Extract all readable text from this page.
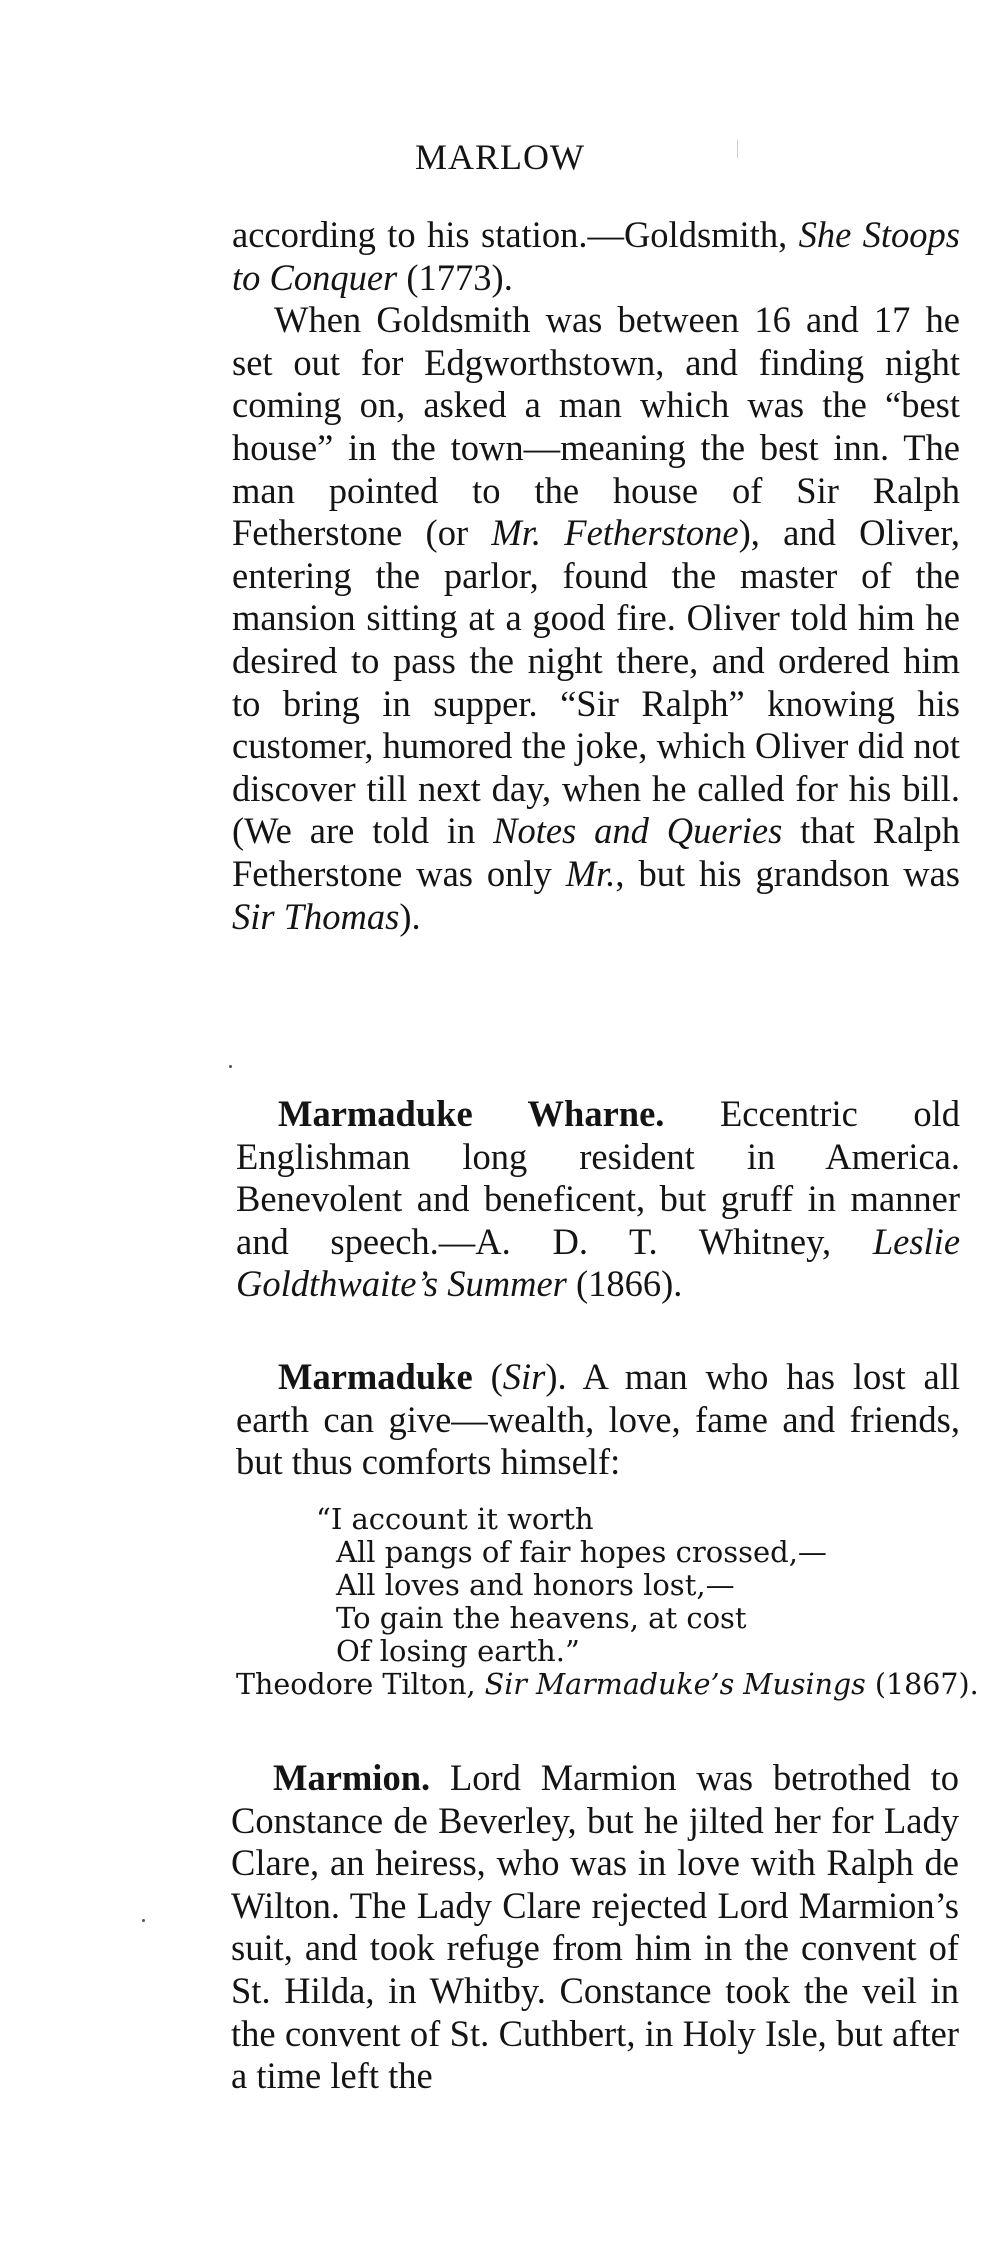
MARLOW

according to his station.—Goldsmith, She Stoops to Conquer (1773).

When Goldsmith was between 16 and 17 he set out for Edgworthstown, and finding night coming on, asked a man which was the “best house” in the town—meaning the best inn. The man pointed to the house of Sir Ralph Fetherstone (or Mr. Fetherstone), and Oliver, entering the parlor, found the master of the mansion sitting at a good fire. Oliver told him he desired to pass the night there, and ordered him to bring in supper. “Sir Ralph” knowing his customer, humored the joke, which Oliver did not discover till next day, when he called for his bill. (We are told in Notes and Queries that Ralph Fetherstone was only Mr., but his grandson was Sir Thomas).

Marmaduke Wharne. Eccentric old Englishman long resident in America. Benevolent and beneficent, but gruff in manner and speech.—A. D. T. Whitney, Leslie Goldthwaite’s Summer (1866).

Marmaduke (Sir). A man who has lost all earth can give—wealth, love, fame and friends, but thus comforts himself:

“I account it worth
All pangs of fair hopes crossed,—
All loves and honors lost,—
To gain the heavens, at cost
Of losing earth.”

Theodore Tilton, Sir Marmaduke’s Musings (1867).

Marmion. Lord Marmion was betrothed to Constance de Beverley, but he jilted her for Lady Clare, an heiress, who was in love with Ralph de Wilton. The Lady Clare rejected Lord Marmion’s suit, and took refuge from him in the convent of St. Hilda, in Whitby. Constance took the veil in the convent of St. Cuthbert, in Holy Isle, but after a time left the
